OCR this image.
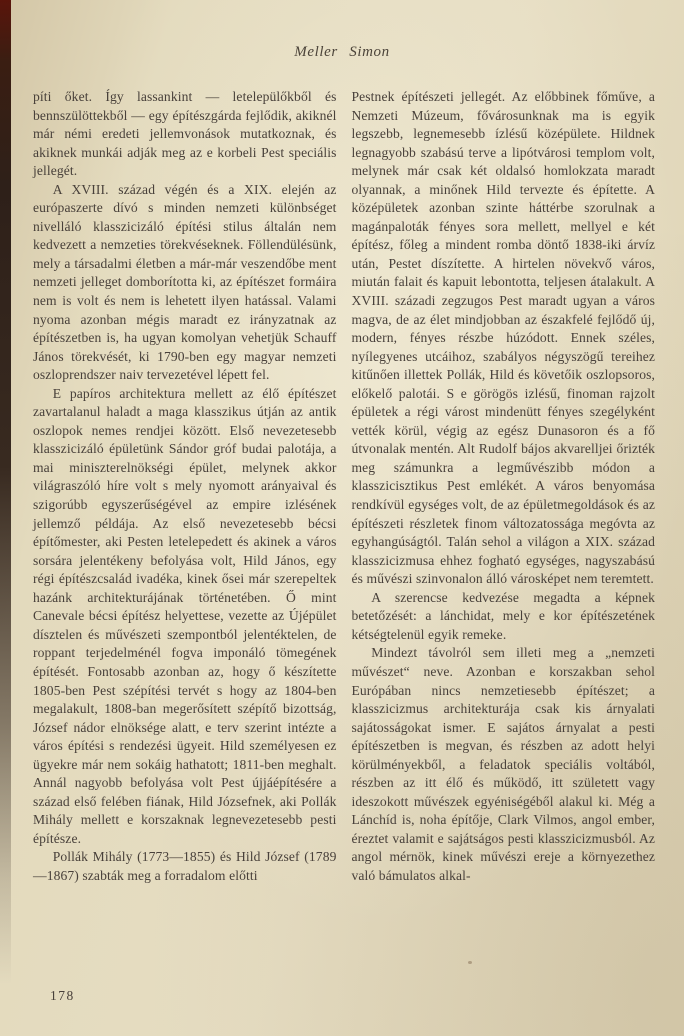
Meller Simon

píti őket. Így lassankint — letelepülőkből és bennszülöttekből — egy építészgárda fejlődik, akiknél már némi eredeti jellemvonások mutatkoznak, és akiknek munkái adják meg az e korbeli Pest speciális jellegét.

A XVIII. század végén és a XIX. elején az európaszerte dívó s minden nemzeti különbséget nivelláló klasszicizáló építési stilus általán nem kedvezett a nemzeties törekvéseknek. Föllendülésünk, mely a társadalmi életben a már-már veszendőbe ment nemzeti jelleget domborította ki, az építészet formáira nem is volt és nem is lehetett ilyen hatással. Valami nyoma azonban mégis maradt ez irányzatnak az építészetben is, ha ugyan komolyan vehetjük Schauff János törekvését, ki 1790-ben egy magyar nemzeti oszloprendszer naiv tervezetével lépett fel.

E papíros architektura mellett az élő építészet zavartalanul haladt a maga klasszikus útján az antik oszlopok nemes rendjei között. Első nevezetesebb klasszicizáló épületünk Sándor gróf budai palotája, a mai miniszterelnökségi épület, melynek akkor világraszóló híre volt s mely nyomott arányaival és szigorúbb egyszerűségével az empire izlésének jellemző példája. Az első nevezetesebb bécsi építőmester, aki Pesten letelepedett és akinek a város sorsára jelentékeny befolyása volt, Hild János, egy régi építészcsalád ivadéka, kinek ősei már szerepeltek hazánk architekturájának történetében. Ő mint Canevale bécsi építész helyettese, vezette az Újépület dísztelen és művészeti szempontból jelentéktelen, de roppant terjedelménél fogva imponáló tömegének építését. Fontosabb azonban az, hogy ő készítette 1805-ben Pest szépítési tervét s hogy az 1804-ben megalakult, 1808-ban megerősített szépítő bizottság, József nádor elnöksége alatt, e terv szerint intézte a város építési s rendezési ügyeit. Hild személyesen ez ügyekre már nem sokáig hathatott; 1811-ben meghalt. Annál nagyobb befolyása volt Pest újjáépítésére a század első felében fiának, Hild Józsefnek, aki Pollák Mihály mellett e korszaknak legnevezetesebb pesti építésze.

Pollák Mihály (1773—1855) és Hild József (1789—1867) szabták meg a forradalom előtti

Pestnek építészeti jellegét. Az előbbinek főműve, a Nemzeti Múzeum, fővárosunknak ma is egyik legszebb, legnemesebb ízlésű középülete. Hildnek legnagyobb szabású terve a lipótvárosi templom volt, melynek már csak két oldalsó homlokzata maradt olyannak, a minőnek Hild tervezte és építette. A középületek azonban szinte háttérbe szorulnak a magánpaloták fényes sora mellett, mellyel e két építész, főleg a mindent romba döntő 1838-iki árvíz után, Pestet díszítette. A hirtelen növekvő város, miután falait és kapuit lebontotta, teljesen átalakult. A XVIII. századi zegzugos Pest maradt ugyan a város magva, de az élet mindjobban az északfelé fejlődő új, modern, fényes részbe húzódott. Ennek széles, nyílegyenes utcáihoz, szabályos négyszögű tereihez kitűnően illettek Pollák, Hild és követőik oszlopsoros, előkelő palotái. S e görögös izlésű, finoman rajzolt épületek a régi várost mindenütt fényes szegélyként vették körül, végig az egész Dunasoron és a fő útvonalak mentén. Alt Rudolf bájos akvarelljei őrizték meg számunkra a legművészibb módon a klasszicisztikus Pest emlékét. A város benyomása rendkívül egységes volt, de az épületmegoldások és az építészeti részletek finom változatossága megóvta az egyhangúságtól. Talán sehol a világon a XIX. század klasszicizmusa ehhez fogható egységes, nagyszabású és művészi szinvonalon álló városképet nem teremtett.

A szerencse kedvezése megadta a képnek betetőzését: a lánchidat, mely e kor építészetének kétségtelenül egyik remeke.

Mindezt távolról sem illeti meg a „nemzeti művészet“ neve. Azonban e korszakban sehol Európában nincs nemzetiesebb építészet; a klasszicizmus architekturája csak kis árnyalati sajátosságokat ismer. E sajátos árnyalat a pesti építészetben is megvan, és részben az adott helyi körülményekből, a feladatok speciális voltából, részben az itt élő és működő, itt született vagy ideszokott művészek egyéniségéből alakul ki. Még a Lánchíd is, noha építője, Clark Vilmos, angol ember, éreztet valamit e sajátságos pesti klasszicizmusból. Az angol mérnök, kinek művészi ereje a környezethez való bámulatos alkal-

178
